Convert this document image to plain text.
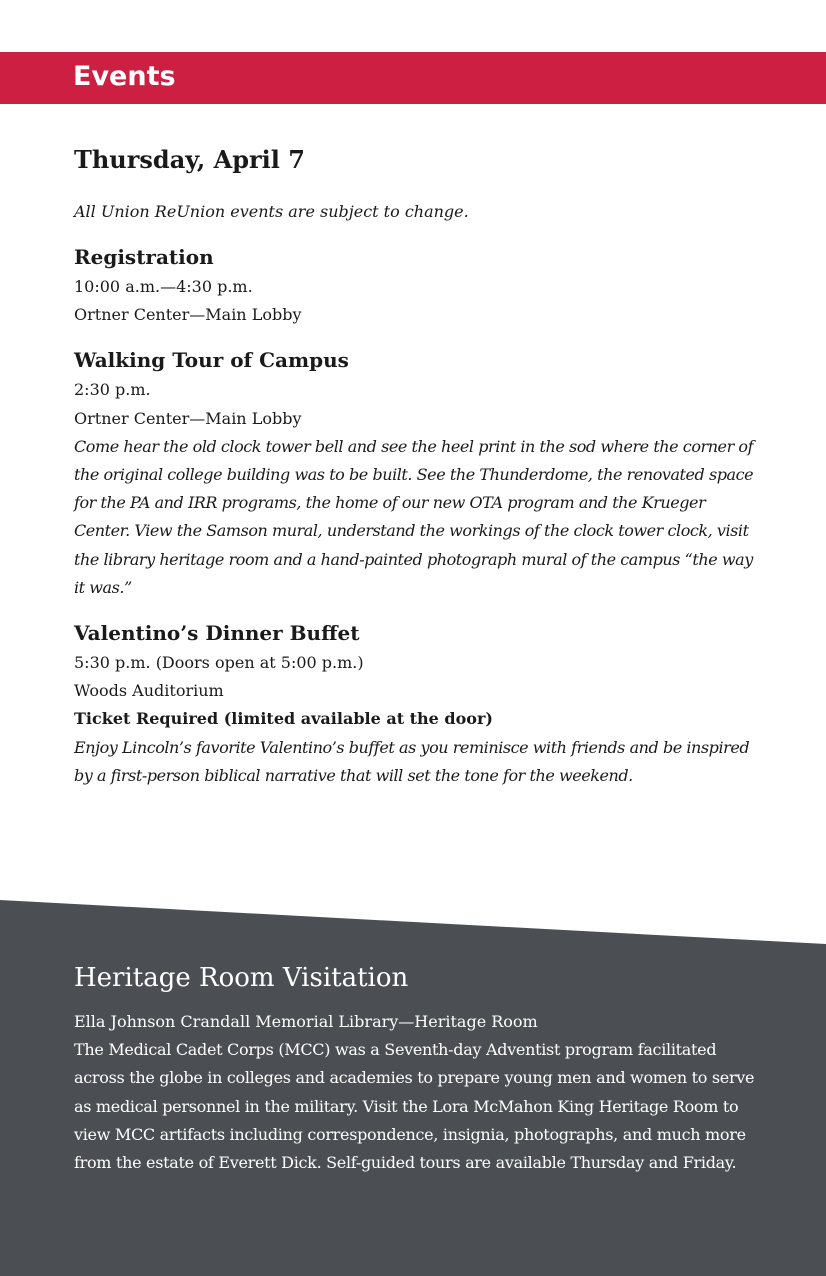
Events
Thursday, April 7
All Union ReUnion events are subject to change.
Registration
10:00 a.m.—4:30 p.m.
Ortner Center—Main Lobby
Walking Tour of Campus
2:30 p.m.
Ortner Center—Main Lobby
Come hear the old clock tower bell and see the heel print in the sod where the corner of the original college building was to be built. See the Thunderdome, the renovated space for the PA and IRR programs, the home of our new OTA program and the Krueger Center. View the Samson mural, understand the workings of the clock tower clock, visit the library heritage room and a hand-painted photograph mural of the campus “the way it was.”
Valentino’s Dinner Buffet
5:30 p.m. (Doors open at 5:00 p.m.)
Woods Auditorium
Ticket Required (limited available at the door)
Enjoy Lincoln’s favorite Valentino’s buffet as you reminisce with friends and be inspired by a first-person biblical narrative that will set the tone for the weekend.
Heritage Room Visitation
Ella Johnson Crandall Memorial Library—Heritage Room
The Medical Cadet Corps (MCC) was a Seventh-day Adventist program facilitated across the globe in colleges and academies to prepare young men and women to serve as medical personnel in the military. Visit the Lora McMahon King Heritage Room to view MCC artifacts including correspondence, insignia, photographs, and much more from the estate of Everett Dick. Self-guided tours are available Thursday and Friday.
